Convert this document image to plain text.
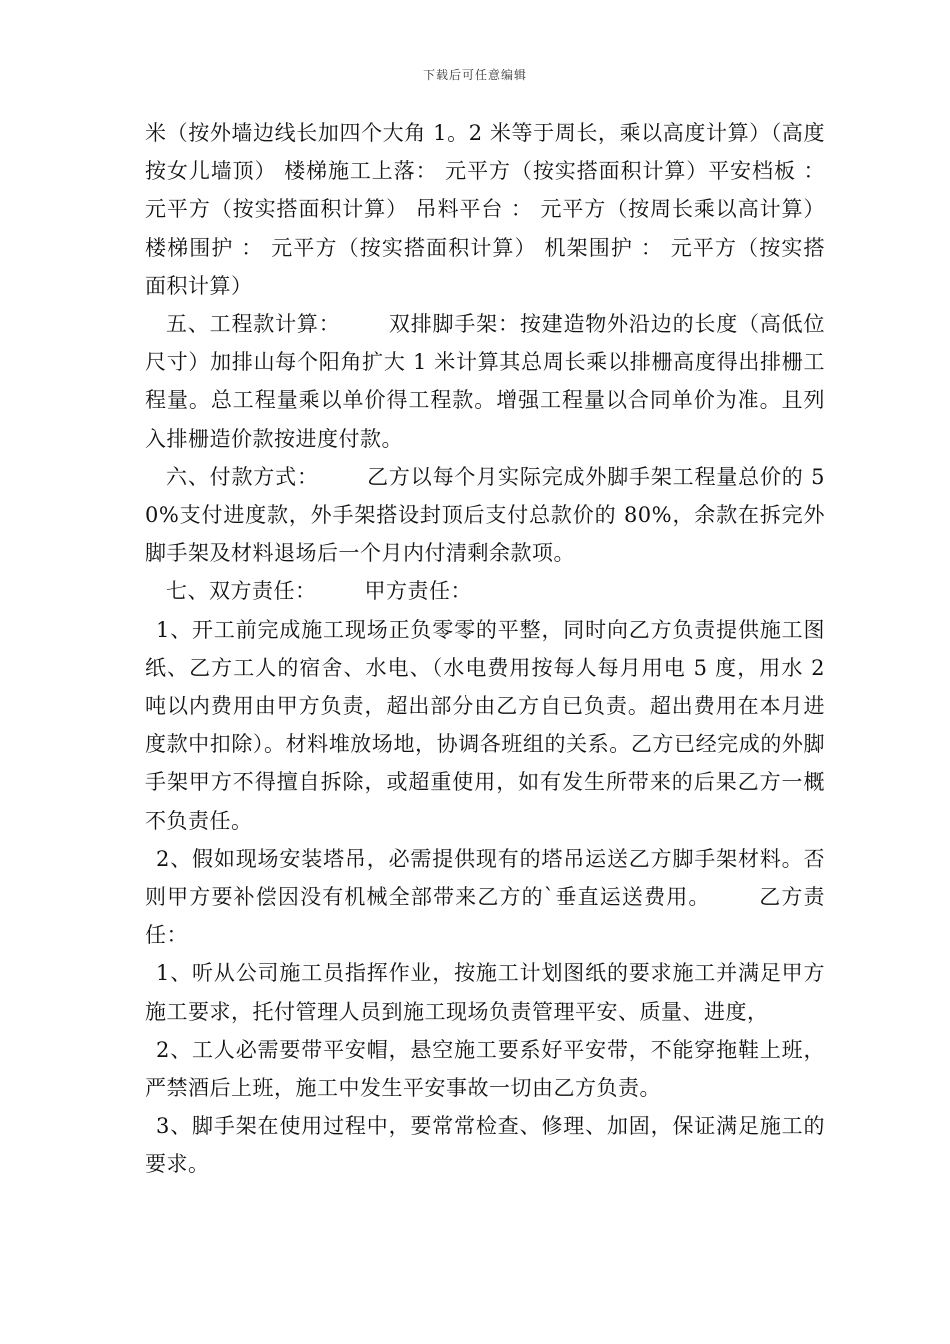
下载后可任意编辑

米（按外墙边线长加四个大角 1。2 米等于周长，乘以高度计算）（高度按女儿墙顶） 楼梯施工上落： 元平方（按实搭面积计算）平安档板 ： 元平方（按实搭面积计算） 吊料平台 ： 元平方（按周长乘以高计算） 楼梯围护 ： 元平方（按实搭面积计算） 机架围护 ： 元平方（按实搭面积计算）

五、工程款计算： 双排脚手架：按建造物外沿边的长度（高低位尺寸）加排山每个阳角扩大 1 米计算其总周长乘以排栅高度得出排栅工程量。总工程量乘以单价得工程款。增强工程量以合同单价为准。且列入排栅造价款按进度付款。

六、付款方式： 乙方以每个月实际完成外脚手架工程量总价的 50%支付进度款，外手架搭设封顶后支付总款价的 80%，余款在拆完外脚手架及材料退场后一个月内付清剩余款项。

七、双方责任： 甲方责任：

1、开工前完成施工现场正负零零的平整，同时向乙方负责提供施工图纸、乙方工人的宿舍、水电、（水电费用按每人每月用电 5 度，用水 2 吨以内费用由甲方负责，超出部分由乙方自已负责。超出费用在本月进度款中扣除）。材料堆放场地，协调各班组的关系。乙方已经完成的外脚手架甲方不得擅自拆除，或超重使用，如有发生所带来的后果乙方一概不负责任。

2、假如现场安装塔吊，必需提供现有的塔吊运送乙方脚手架材料。否则甲方要补偿因没有机械全部带来乙方的`垂直运送费用。 乙方责任：

1、听从公司施工员指挥作业，按施工计划图纸的要求施工并满足甲方施工要求，托付管理人员到施工现场负责管理平安、质量、进度，

2、工人必需要带平安帽，悬空施工要系好平安带，不能穿拖鞋上班，严禁酒后上班，施工中发生平安事故一切由乙方负责。

3、脚手架在使用过程中，要常常检查、修理、加固，保证满足施工的要求。
